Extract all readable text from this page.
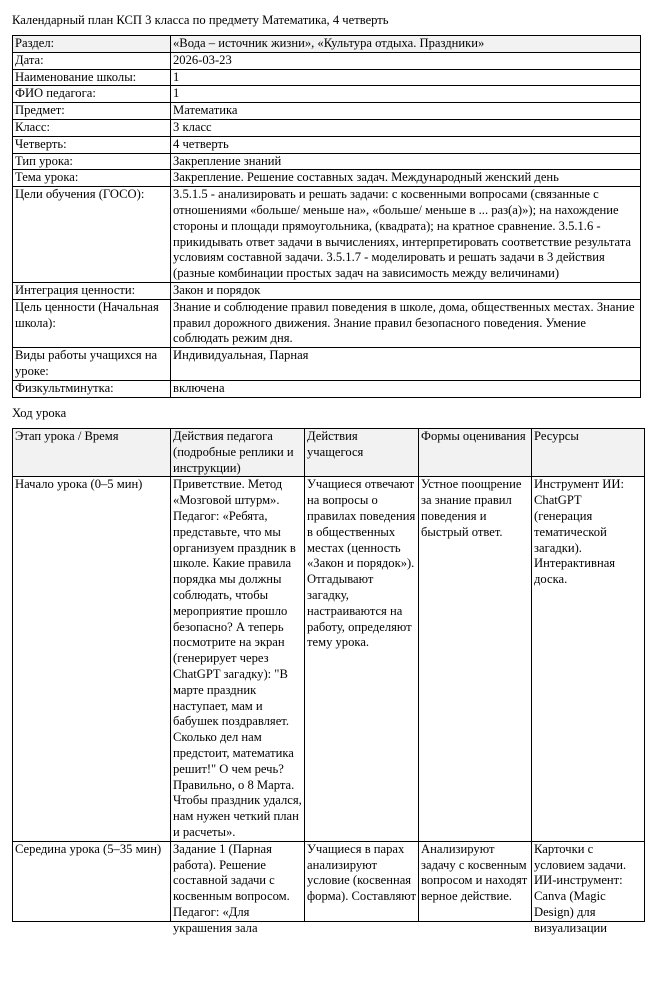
Календарный план КСП 3 класса по предмету Математика, 4 четверть
Раздел:	«Вода – источник жизни», «Культура отдыха. Праздники»
Дата:	2026-03-23
Наименование школы:	1
ФИО педагога:	1
Предмет:	Математика
Класс:	3 класс
Четверть:	4 четверть
Тип урока:	Закрепление знаний
Тема урока:	Закрепление. Решение составных задач. Международный женский день
Цели обучения (ГОСО):	3.5.1.5 - анализировать и решать задачи: с косвенными вопросами (связанные с отношениями «больше/ меньше на», «больше/ меньше в ... раз(а)»); на нахождение стороны и площади прямоугольника, (квадрата); на кратное сравнение. 3.5.1.6 - прикидывать ответ задачи в вычислениях, интерпретировать соответствие результата условиям составной задачи. 3.5.1.7 - моделировать и решать задачи в 3 действия (разные комбинации простых задач на зависимость между величинами)
Интеграция ценности:	Закон и порядок
Цель ценности (Начальная школа):	Знание и соблюдение правил поведения в школе, дома, общественных местах. Знание правил дорожного движения. Знание правил безопасного поведения. Умение соблюдать режим дня.
Виды работы учащихся на уроке:	Индивидуальная, Парная
Физкультминутка:	включена
Ход урока
Этап урока / Время	Действия педагога (подробные реплики и инструкции)	Действия учащегося	Формы оценивания	Ресурсы
Начало урока (0–5 мин)	Приветствие. Метод «Мозговой штурм». Педагог: «Ребята, представьте, что мы организуем праздник в школе. Какие правила порядка мы должны соблюдать, чтобы мероприятие прошло безопасно? А теперь посмотрите на экран (генерирует через ChatGPT загадку): "В марте праздник наступает, мам и бабушек поздравляет. Сколько дел нам предстоит, математика решит!" О чем речь? Правильно, о 8 Марта. Чтобы праздник удался, нам нужен четкий план и расчеты».	Учащиеся отвечают на вопросы о правилах поведения в общественных местах (ценность «Закон и порядок»). Отгадывают загадку, настраиваются на работу, определяют тему урока.	Устное поощрение за знание правил поведения и быстрый ответ.	Инструмент ИИ: ChatGPT (генерация тематической загадки). Интерактивная доска.

Середина урока (5–35 мин)	Задание 1 (Парная работа). Решение составной задачи с косвенным вопросом. Педагог: «Для украшения зала	Учащиеся в парах анализируют условие (косвенная форма). Составляют	Анализируют задачу с косвенным вопросом и находят верное действие.	Карточки с условием задачи. ИИ-инструмент: Canva (Magic Design) для визуализации
